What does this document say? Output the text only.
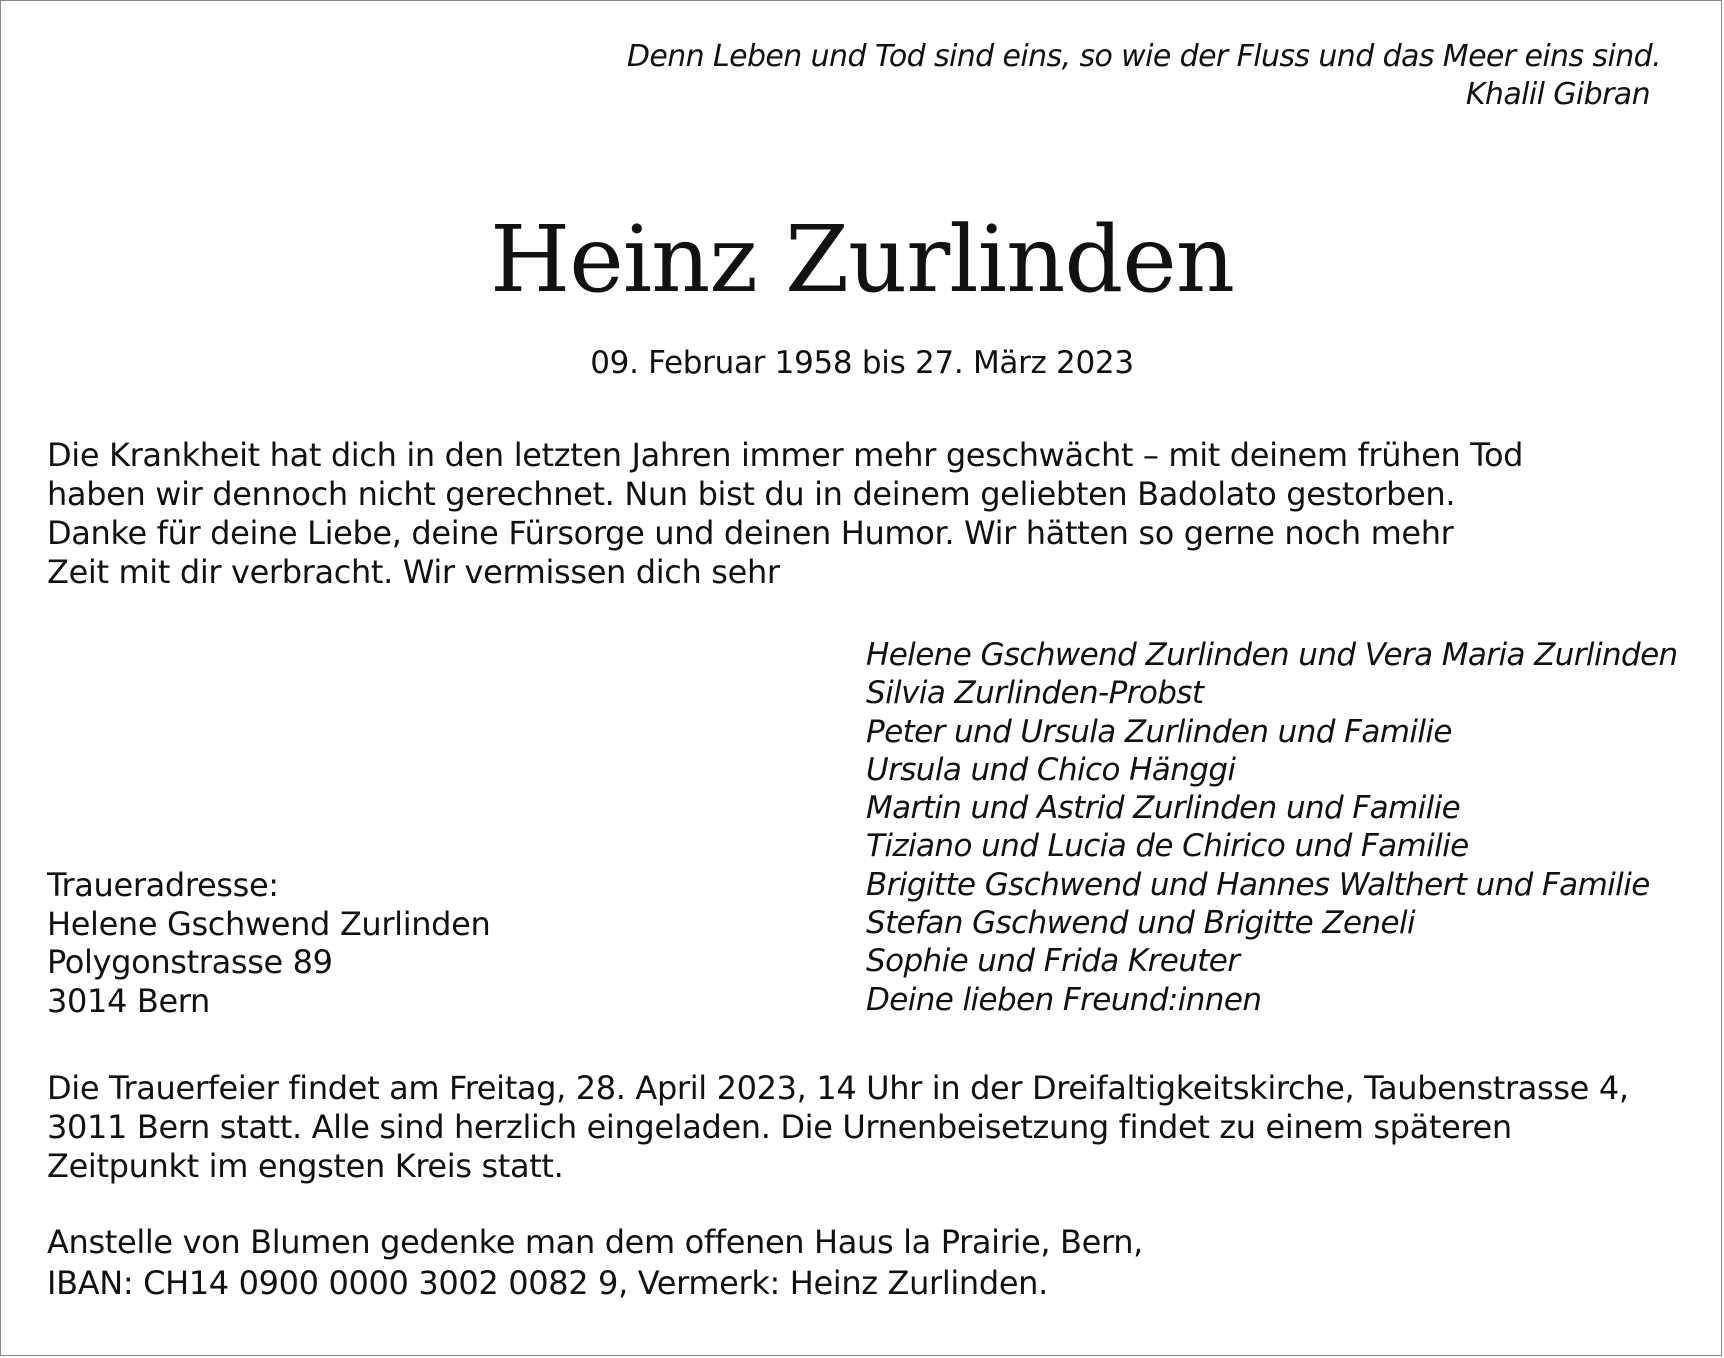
Denn Leben und Tod sind eins, so wie der Fluss und das Meer eins sind.
Khalil Gibran
Heinz Zurlinden
09. Februar 1958 bis 27. März 2023
Die Krankheit hat dich in den letzten Jahren immer mehr geschwächt – mit deinem frühen Tod
haben wir dennoch nicht gerechnet. Nun bist du in deinem geliebten Badolato gestorben.
Danke für deine Liebe, deine Fürsorge und deinen Humor. Wir hätten so gerne noch mehr
Zeit mit dir verbracht. Wir vermissen dich sehr
Helene Gschwend Zurlinden und Vera Maria Zurlinden
Silvia Zurlinden-Probst
Peter und Ursula Zurlinden und Familie
Ursula und Chico Hänggi
Martin und Astrid Zurlinden und Familie
Tiziano und Lucia de Chirico und Familie
Brigitte Gschwend und Hannes Walthert und Familie
Stefan Gschwend und Brigitte Zeneli
Sophie und Frida Kreuter
Deine lieben Freund:innen
Traueradresse:
Helene Gschwend Zurlinden
Polygonstrasse 89
3014 Bern
Die Trauerfeier findet am Freitag, 28. April 2023, 14 Uhr in der Dreifaltigkeitskirche, Taubenstrasse 4,
3011 Bern statt. Alle sind herzlich eingeladen. Die Urnenbeisetzung findet zu einem späteren
Zeitpunkt im engsten Kreis statt.
Anstelle von Blumen gedenke man dem offenen Haus la Prairie, Bern,
IBAN: CH14 0900 0000 3002 0082 9, Vermerk: Heinz Zurlinden.
